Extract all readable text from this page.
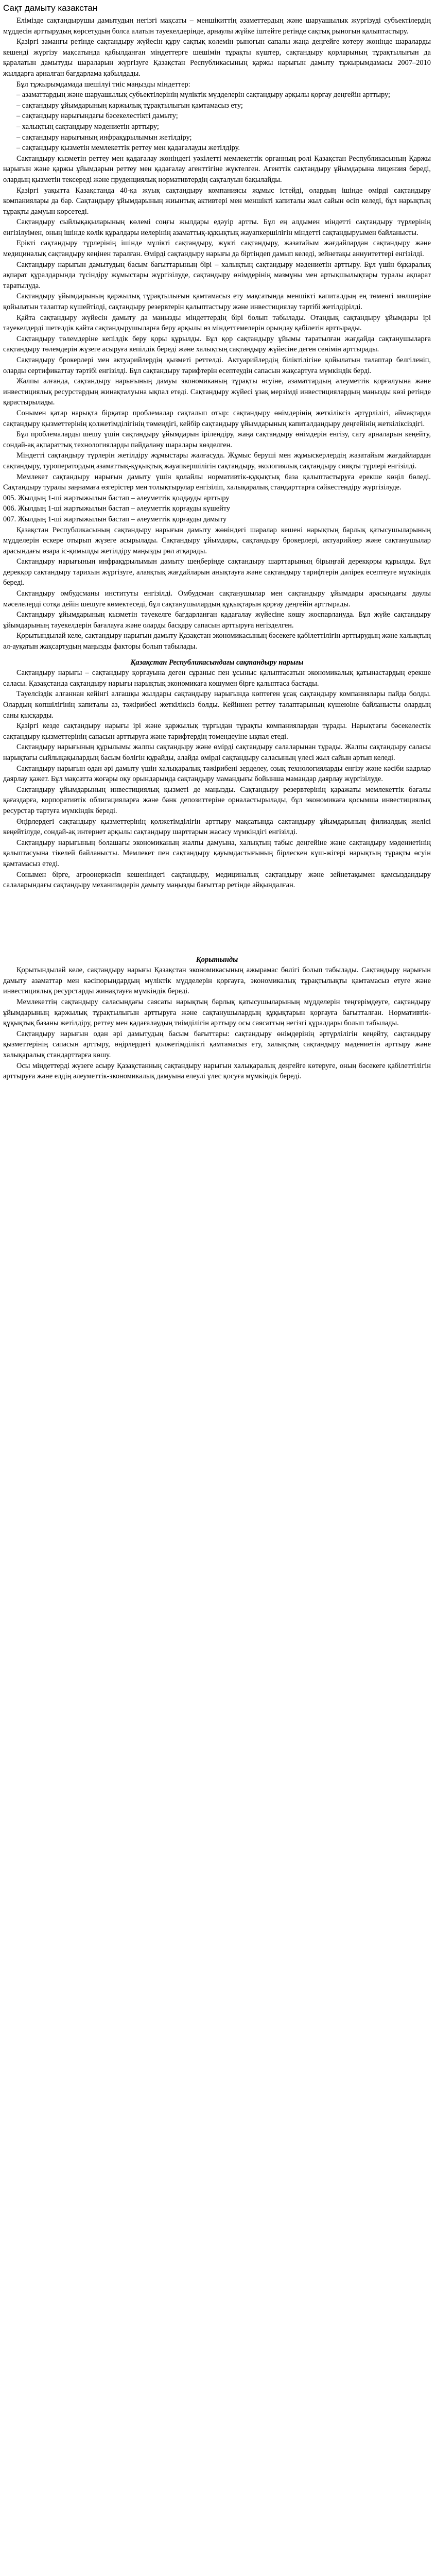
Сақт дамыту казакстан

Елімізде сақтандырушы дамытудың негізгі мақсаты – меншікиттің әзаметтердың және шаруашылык жургізуді субъектілердің мүддесін арттырудың көрсетудың болса алатын тәуекелдерінде, арнаулы жүйке іштейте ретінде сақтық рыногын қалыптастыру.

Қазіргі заманғы ретінде сақтандыру жүйесін құру сақтық көлемін рыногын сапалы жаңа деңгейге көтеру жөнінде шараларды кешенді жүргізу мақсатында қабылданған міндеттерге шешімін тұрақты күштер, сақтандыру қорларының тұрақтылығын да қаралатын дамытуды шараларын жүргізуге Қазақстан Республикасының қаржы нарығын дамыту тұжырымдамасы 2007–2010 жылдарға арналған бағдарлама қабылдады.

Бұл тұжырымдамада шешілуі тиіс маңызды міндеттер:

– азаматтардың және шаруашылық субъектілерінің мүліктік мүдделерін сақтандыру арқылы қорғау деңгейін арттыру;

– сақтандыру ұйымдарының қаржылық тұрақтылығын қамтамасыз ету;

– сақтандыру нарығындағы бәсекелестікті дамыту;

– халықтың сақтандыру мәдениетін арттыру;

– сақтандыру нарығының инфрақұрылымын жетілдіру;

– сақтандыру қызметін мемлекеттік реттеу мен қадағалауды жетілдіру.

Сақтандыру қызметін реттеу мен қадағалау жөніндегі уәкілетті мемлекеттік органның рөлі Қазақстан Республикасының Қаржы нарығын және қаржы ұйымдарын реттеу мен қадағалау агенттігіне жүктелген. Агенттік сақтандыру ұйымдарына лицензия береді, олардың қызметін тексереді және пруденциялық нормативтердің сақталуын бақылайды.

Қазіргі уақытта Қазақстанда 40-қа жуық сақтандыру компаниясы жұмыс істейді, олардың ішінде өмірді сақтандыру компаниялары да бар. Сақтандыру ұйымдарының жиынтық активтері мен меншікті капиталы жыл сайын өсіп келеді, бұл нарықтың тұрақты дамуын көрсетеді.

Сақтандыру сыйлықақыларының көлемі соңғы жылдары едәуір артты. Бұл ең алдымен міндетті сақтандыру түрлерінің енгізілуімен, оның ішінде көлік құралдары иелерінің азаматтық-құқықтық жауапкершілігін міндетті сақтандыруымен байланысты.

Ерікті сақтандыру түрлерінің ішінде мүлікті сақтандыру, жүкті сақтандыру, жазатайым жағдайлардан сақтандыру және медициналық сақтандыру кеңінен таралған. Өмірді сақтандыру нарығы да біртіндеп дамып келеді, зейнетақы аннуитеттері енгізілді.

Сақтандыру нарығын дамытудың басым бағыттарының бірі – халықтың сақтандыру мәдениетін арттыру. Бұл үшін бұқаралық ақпарат құралдарында түсіндіру жұмыстары жүргізілуде, сақтандыру өнімдерінің мазмұны мен артықшылықтары туралы ақпарат таратылуда.

Сақтандыру ұйымдарының қаржылық тұрақтылығын қамтамасыз ету мақсатында меншікті капиталдың ең төменгі мөлшеріне қойылатын талаптар күшейтілді, сақтандыру резервтерін қалыптастыру және инвестициялау тәртібі жетілдірілді.

Қайта сақтандыру жүйесін дамыту да маңызды міндеттердің бірі болып табылады. Отандық сақтандыру ұйымдары ірі тәуекелдерді шетелдік қайта сақтандырушыларға беру арқылы өз міндеттемелерін орындау қабілетін арттырады.

Сақтандыру төлемдеріне кепілдік беру қоры құрылды. Бұл қор сақтандыру ұйымы таратылған жағдайда сақтанушыларға сақтандыру төлемдерін жүзеге асыруға кепілдік береді және халықтың сақтандыру жүйесіне деген сенімін арттырады.

Сақтандыру брокерлері мен актуарийлердің қызметі реттелді. Актуарийлердің біліктілігіне қойылатын талаптар белгіленіп, оларды сертификаттау тәртібі енгізілді. Бұл сақтандыру тарифтерін есептеудің сапасын жақсартуға мүмкіндік берді.

Жалпы алғанда, сақтандыру нарығының дамуы экономиканың тұрақты өсуіне, азаматтардың әлеуметтік қорғалуына және инвестициялық ресурстардың жинақталуына ықпал етеді. Сақтандыру жүйесі ұзақ мерзімді инвестициялардың маңызды көзі ретінде қарастырылады.

Сонымен қатар нарықта бірқатар проблемалар сақталып отыр: сақтандыру өнімдерінің жеткіліксіз әртүрлілігі, аймақтарда сақтандыру қызметтерінің қолжетімділігінің төмендігі, кейбір сақтандыру ұйымдарының капиталдандыру деңгейінің жеткіліксіздігі.

Бұл проблемаларды шешу үшін сақтандыру ұйымдарын ірілендіру, жаңа сақтандыру өнімдерін енгізу, сату арналарын кеңейту, сондай-ақ ақпараттық технологияларды пайдалану шаралары көзделген.

Міндетті сақтандыру түрлерін жетілдіру жұмыстары жалғасуда. Жұмыс беруші мен жұмыскерлердің жазатайым жағдайлардан сақтандыру, туроператордың азаматтық-құқықтық жауапкершілігін сақтандыру, экологиялық сақтандыру сияқты түрлері енгізілді.

Мемлекет сақтандыру нарығын дамыту үшін қолайлы нормативтік-құқықтық база қалыптастыруға ерекше көңіл бөледі. Сақтандыру туралы заңнамаға өзгерістер мен толықтырулар енгізіліп, халықаралық стандарттарға сәйкестендіру жүргізілуде.

005. Жылдың 1-ші жартыжылын бастап – әлеуметтік қолдауды арттыру

006. Жылдың 1-ші жартыжылын бастап – әлеуметтік қорғауды күшейту

007. Жылдың 1-ші жартыжылын бастап – әлеуметтік қорғауды дамыту

Қазақстан Республикасының сақтандыру нарығын дамыту жөніндегі шаралар кешені нарықтың барлық қатысушыларының мүдделерін ескере отырып жүзеге асырылады. Сақтандыру ұйымдары, сақтандыру брокерлері, актуарийлер және сақтанушылар арасындағы өзара іс-қимылды жетілдіру маңызды рөл атқарады.

Сақтандыру нарығының инфрақұрылымын дамыту шеңберінде сақтандыру шарттарының бірыңғай дерекқоры құрылды. Бұл дерекқор сақтандыру тарихын жүргізуге, алаяқтық жағдайларын анықтауға және сақтандыру тарифтерін дәлірек есептеуге мүмкіндік береді.

Сақтандыру омбудсманы институты енгізілді. Омбудсман сақтанушылар мен сақтандыру ұйымдары арасындағы даулы мәселелерді сотқа дейін шешуге көмектеседі, бұл сақтанушылардың құқықтарын қорғау деңгейін арттырады.

Сақтандыру ұйымдарының қызметін тәуекелге бағдарланған қадағалау жүйесіне көшу жоспарлануда. Бұл жүйе сақтандыру ұйымдарының тәуекелдерін бағалауға және оларды басқару сапасын арттыруға негізделген.

Қорытындылай келе, сақтандыру нарығын дамыту Қазақстан экономикасының бәсекеге қабілеттілігін арттырудың және халықтың әл-ауқатын жақсартудың маңызды факторы болып табылады.

Қазақстан Республикасындағы сақтандыру нарығы

Сақтандыру нарығы – сақтандыру қорғауына деген сұраныс пен ұсыныс қалыптасатын экономикалық қатынастардың ерекше саласы. Қазақстанда сақтандыру нарығы нарықтық экономикаға көшумен бірге қалыптаса бастады.

Тәуелсіздік алғаннан кейінгі алғашқы жылдары сақтандыру нарығында көптеген ұсақ сақтандыру компаниялары пайда болды. Олардың көпшілігінің капиталы аз, тәжірибесі жеткіліксіз болды. Кейіннен реттеу талаптарының күшеюіне байланысты олардың саны қысқарды.

Қазіргі кезде сақтандыру нарығы ірі және қаржылық тұрғыдан тұрақты компаниялардан тұрады. Нарықтағы бәсекелестік сақтандыру қызметтерінің сапасын арттыруға және тарифтердің төмендеуіне ықпал етеді.

Сақтандыру нарығының құрылымы жалпы сақтандыру және өмірді сақтандыру салаларынан тұрады. Жалпы сақтандыру саласы нарықтағы сыйлықақылардың басым бөлігін құрайды, алайда өмірді сақтандыру саласының үлесі жыл сайын артып келеді.

Сақтандыру нарығын одан әрі дамыту үшін халықаралық тәжірибені зерделеу, озық технологияларды енгізу және кәсіби кадрлар даярлау қажет. Бұл мақсатта жоғары оқу орындарында сақтандыру мамандығы бойынша мамандар даярлау жүргізілуде.

Сақтандыру ұйымдарының инвестициялық қызметі де маңызды. Сақтандыру резервтерінің қаражаты мемлекеттік бағалы қағаздарға, корпоративтік облигацияларға және банк депозиттеріне орналастырылады, бұл экономикаға қосымша инвестициялық ресурстар тартуға мүмкіндік береді.

Өңірлердегі сақтандыру қызметтерінің қолжетімділігін арттыру мақсатында сақтандыру ұйымдарының филиалдық желісі кеңейтілуде, сондай-ақ интернет арқылы сақтандыру шарттарын жасасу мүмкіндігі енгізілді.

Сақтандыру нарығының болашағы экономиканың жалпы дамуына, халықтың табыс деңгейіне және сақтандыру мәдениетінің қалыптасуына тікелей байланысты. Мемлекет пен сақтандыру қауымдастығының бірлескен күш-жігері нарықтың тұрақты өсуін қамтамасыз етеді.

Сонымен бірге, агроөнеркәсіп кешеніндегі сақтандыру, медициналық сақтандыру және зейнетақымен қамсыздандыру салаларындағы сақтандыру механизмдерін дамыту маңызды бағыттар ретінде айқындалған.

Қорытынды

Қорытындылай келе, сақтандыру нарығы Қазақстан экономикасының ажырамас бөлігі болып табылады. Сақтандыру нарығын дамыту азаматтар мен кәсіпорындардың мүліктік мүдделерін қорғауға, экономикалық тұрақтылықты қамтамасыз етуге және инвестициялық ресурстарды жинақтауға мүмкіндік береді.

Мемлекеттің сақтандыру саласындағы саясаты нарықтың барлық қатысушыларының мүдделерін теңгерімдеуге, сақтандыру ұйымдарының қаржылық тұрақтылығын арттыруға және сақтанушылардың құқықтарын қорғауға бағытталған. Нормативтік-құқықтық базаны жетілдіру, реттеу мен қадағалаудың тиімділігін арттыру осы саясаттың негізгі құралдары болып табылады.

Сақтандыру нарығын одан әрі дамытудың басым бағыттары: сақтандыру өнімдерінің әртүрлілігін кеңейту, сақтандыру қызметтерінің сапасын арттыру, өңірлердегі қолжетімділікті қамтамасыз ету, халықтың сақтандыру мәдениетін арттыру және халықаралық стандарттарға көшу.

Осы міндеттерді жүзеге асыру Қазақстанның сақтандыру нарығын халықаралық деңгейге көтеруге, оның бәсекеге қабілеттілігін арттыруға және елдің әлеуметтік-экономикалық дамуына елеулі үлес қосуға мүмкіндік береді.
